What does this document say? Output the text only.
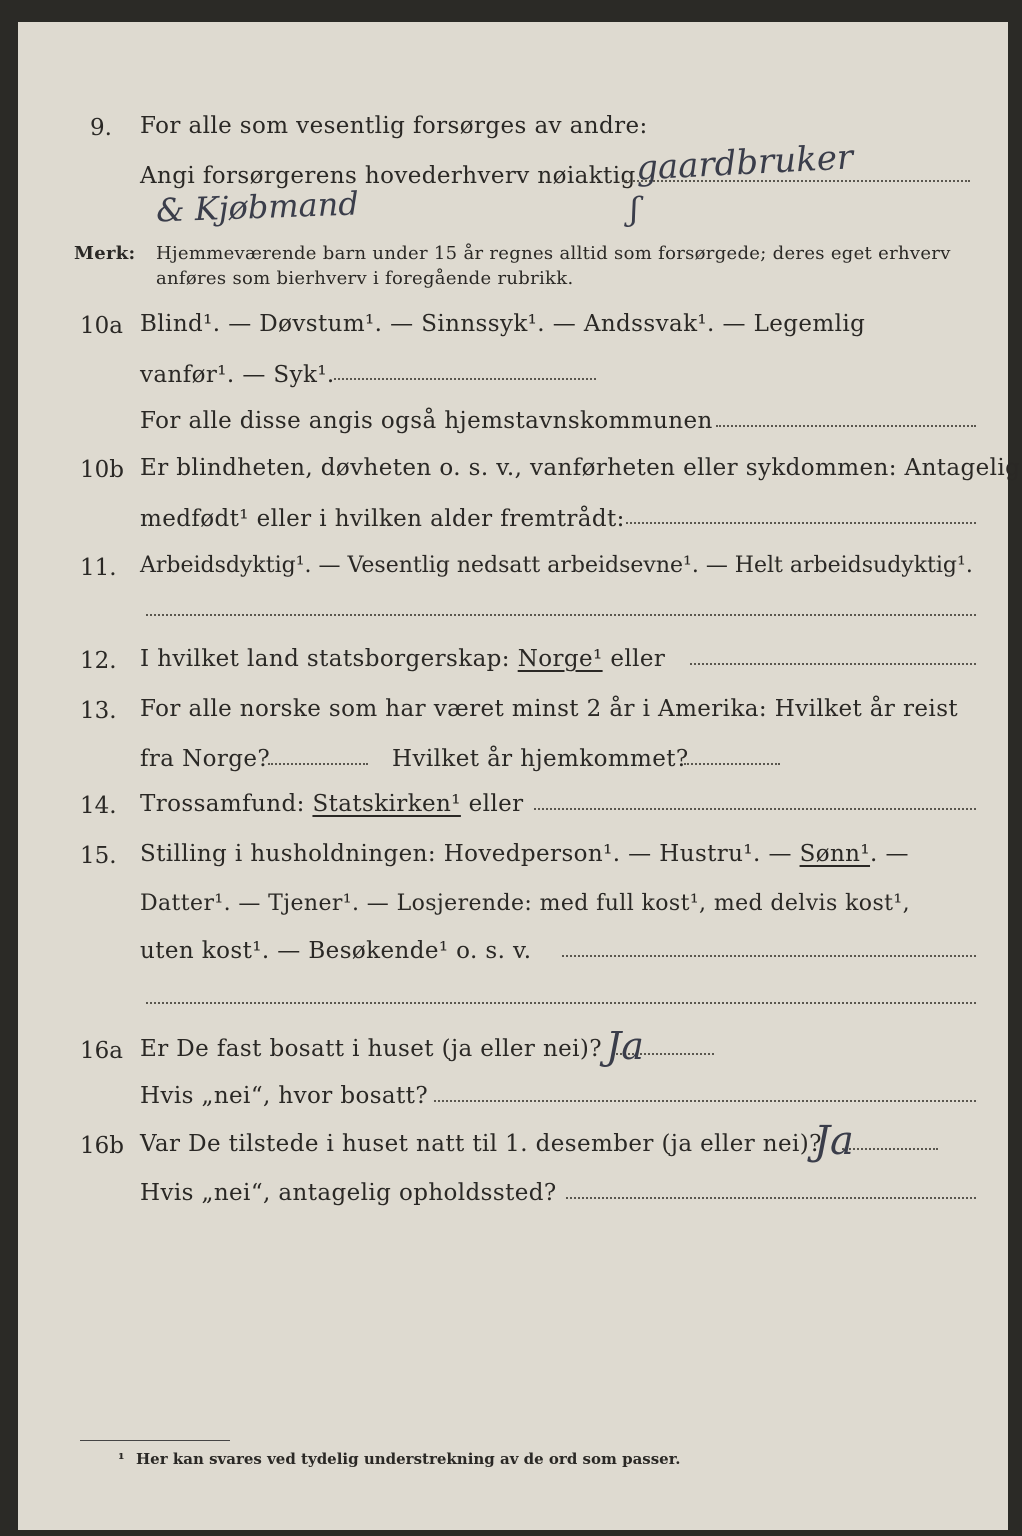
9. For alle som vesentlig forsørges av andre:
Angi forsørgerens hovederhverv nøiaktig gaardbruker
& Kjøbmand	ʃ
Merk: Hjemmeværende barn under 15 år regnes alltid som forsørgede; deres eget erhverv
anføres som bierhverv i foregående rubrikk.
10a Blind¹. — Døvstum¹. — Sinnssyk¹. — Andssvak¹. — Legemlig
vanfør¹. — Syk¹.
For alle disse angis også hjemstavnskommunen
10b Er blindheten, døvheten o. s. v., vanførheten eller sykdommen: Antagelig
medfødt¹ eller i hvilken alder fremtrådt:
11. Arbeidsdyktig¹. — Vesentlig nedsatt arbeidsevne¹. — Helt arbeidsudyktig¹.
12. I hvilket land statsborgerskap: Norge¹ eller
13. For alle norske som har været minst 2 år i Amerika: Hvilket år reist
fra Norge?	Hvilket år hjemkommet?
14. Trossamfund: Statskirken¹ eller
15. Stilling i husholdningen: Hovedperson¹. — Hustru¹. — Sønn¹. —
Datter¹. — Tjener¹. — Losjerende: med full kost¹, med delvis kost¹,
uten kost¹. — Besøkende¹ o. s. v.
16a Er De fast bosatt i huset (ja eller nei)? Ja
Hvis „nei“, hvor bosatt?
16b Var De tilstede i huset natt til 1. desember (ja eller nei)?
Ja
Hvis „nei“, antagelig opholdssted?
¹ Her kan svares ved tydelig understrekning av de ord som passer.
